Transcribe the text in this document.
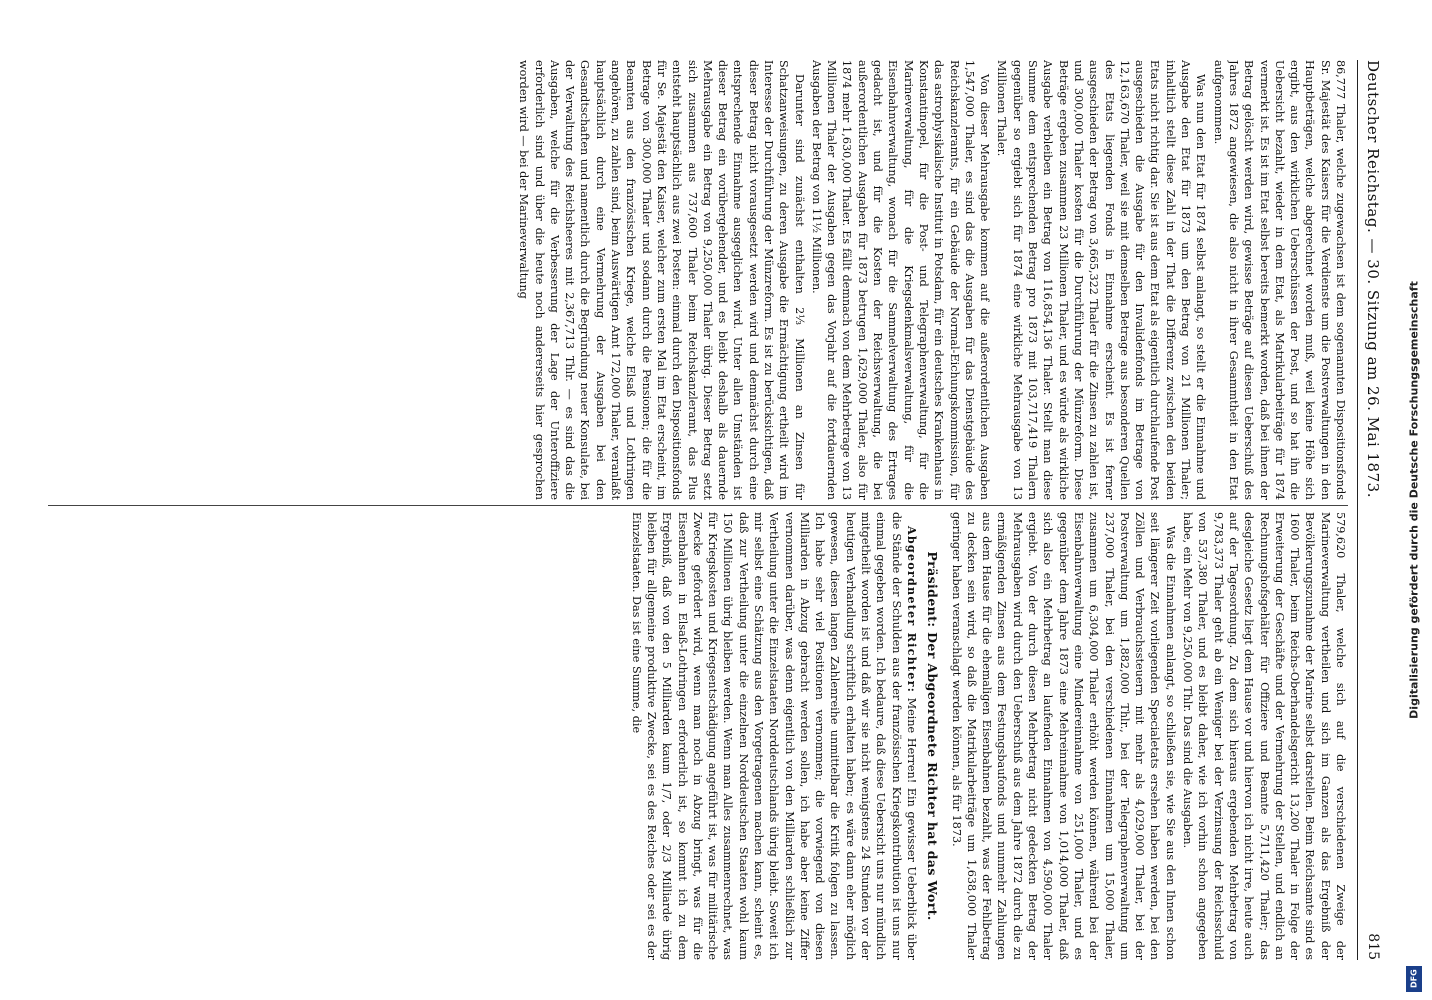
Deutscher Reichstag. — 30. Sitzung am 26. Mai 1873.
815

86,777 Thaler, welche zugewachsen ist dem sogenannten Dispositionsfonds Sr. Majestät des Kaisers für die Verdienste um die Postverwaltungen in den Hauptbeträgen, welche abgerechnet worden muß, weil keine Höhe sich ergibt, aus den wirklichen Ueberschüssen der Post, und so hat ihn die Uebersicht bezahlt, wieder in dem Etat, als Matrikularbeiträge für 1874 vermerkt ist. Es ist im Etat selbst bereits bemerkt worden, daß bei ihnen der Betrag gelöscht werden wird, gewisse Beträge auf diesen Ueberschuß des Jahres 1872 angewiesen, die also nicht in ihrer Gesammtheit in den Etat aufgenommen.

Was nun den Etat für 1874 selbst anlangt, so stellt er die Einnahme und Ausgabe den Etat für 1873 um den Betrag von 21 Millionen Thaler; inhaltlich stellt diese Zahl in der That die Differenz zwischen den beiden Etats nicht richtig dar. Sie ist aus dem Etat als eigentlich durchlaufende Post ausgeschieden die Ausgabe für den Invalidenfonds im Betrage von 12,163,670 Thaler, weil sie mit demselben Betrage aus besonderen Quellen des Etats liegenden Fonds in Einnahme erscheint. Es ist ferner ausgeschieden der Betrag von 3,665,322 Thaler für die Zinsen zu zahlen ist, und 300,000 Thaler kosten für die Durchführung der Münzreform. Diese Beträge ergeben zusammen 23 Millionen Thaler, und es würde als wirkliche Ausgabe verbleiben ein Betrag von 116,854,136 Thaler. Stellt man diese Summe dem entsprechenden Betrag pro 1873 mit 103,717,419 Thalern gegenüber so ergiebt sich für 1874 eine wirkliche Mehrausgabe von 13 Millionen Thaler.

Von dieser Mehrausgabe kommen auf die außerordentlichen Ausgaben 1,547,000 Thaler, es sind das die Ausgaben für das Dienstgebäude des Reichskanzleramts, für ein Gebäude der Normal-Eichungskommission, für das astrophysikalische Institut in Potsdam, für ein deutsches Krankenhaus in Konstantinopel, für die Post- und Telegraphenverwaltung, für die Marineverwaltung, für die Kriegsdenkmalsverwaltung, für die Eisenbahnverwaltung, wonach für die Sammelverwaltung des Ertrages gedacht ist, und für die Kosten der Reichsverwaltung, die bei außerordentlichen Ausgaben für 1873 betrugen 1,629,000 Thaler, also für 1874 mehr 1,630,000 Thaler. Es fällt demnach von dem Mehrbetrage von 13 Millionen Thaler der Ausgaben gegen das Vorjahr auf die fortdauernden Ausgaben der Betrag von 11½ Millionen.

Darunter sind zunächst enthalten 2⅓ Millionen an Zinsen für Schatzanweisungen, zu deren Ausgabe die Ermächtigung ertheilt wird im Interesse der Durchführung der Münzreform. Es ist zu berücksichtigen, daß dieser Betrag nicht vorausgesetzt werden wird und demnächst durch eine entsprechende Einnahme ausgeglichen wird. Unter allen Umständen ist dieser Betrag ein vorübergehender, und es bleibt deshalb als dauernde Mehrausgabe ein Betrag von 9,250,000 Thaler übrig. Dieser Betrag setzt sich zusammen aus 737,600 Thaler beim Reichskanzleramt, das Plus entsteht hauptsächlich aus zwei Posten: einmal durch den Dispositionsfonds für Se. Majestät den Kaiser, welcher zum ersten Mal im Etat erscheint, im Betrage von 300,000 Thaler und sodann durch die Pensionen; die für die Beamten aus den französischen Kriege, welche Elsaß und Lothringen angehören, zu zahlen sind, beim Auswärtigen Amt 172,000 Thaler, veranlaßt hauptsächlich durch eine Vermehrung der Ausgaben bei den Gesandtschaften und namentlich durch die Begründung neuer Konsulate, bei der Verwaltung des Reichsheeres mit 2,367,713 Thlr. — es sind das die Ausgaben, welche für die Verbesserung der Lage der Unteroffiziere erforderlich sind und über die heute noch andererseits hier gesprochen worden wird — bei der Marineverwaltung

579,620 Thaler, welche sich auf die verschiedenen Zweige der Marineverwaltung vertheilen und sich im Ganzen als das Ergebniß der Bevölkerungszunahme der Marine selbst darstellen. Beim Reichsamte sind es 1600 Thaler, beim Reichs-Oberhandelsgericht 13,200 Thaler in Folge der Erweiterung der Geschäfte und der Vermehrung der Stellen, und endlich an Rechnungshofsgehälter für Offiziere und Beamte 5,711,420 Thaler; das desgleiche Gesetz liegt dem Hause vor und hiervon ich nicht irre, heute auch auf der Tagesordnung. Zu dem sich hieraus ergebenden Mehrbetrag von 9,783,373 Thaler geht ab ein Weniger bei der Verzinsung der Reichsschuld von 537,380 Thaler, und es bleibt daher, wie ich vorhin schon angegeben habe, ein Mehr von 9,250,000 Thlr. Das sind die Ausgaben.

Was die Einnahmen anlangt, so schließen sie, wie Sie aus den Ihnen schon seit längerer Zeit vorliegenden Specialetats ersehen haben werden, bei den Zöllen und Verbrauchssteuern mit mehr als 4,029,000 Thaler, bei der Postverwaltung um 1,882,000 Thlr., bei der Telegraphenverwaltung um 237,000 Thaler, bei den verschiedenen Einnahmen um 15,000 Thaler, zusammen um 6,304,000 Thaler erhöht werden können, während bei der Eisenbahnverwaltung eine Mindereinnahme von 251,000 Thaler, und es gegenüber dem Jahre 1873 eine Mehreinnahme von 1,014,000 Thaler, daß sich also ein Mehrbetrag an laufenden Einnahmen von 4,590,000 Thaler ergiebt. Von der durch diesen Mehrbetrag nicht gedeckten Betrag der Mehrausgaben wird durch den Ueberschuß aus dem Jahre 1872 durch die zu ermäßigenden Zinsen aus dem Festungsbaufonds und nunmehr Zahlungen aus dem Hause für die ehemaligen Eisenbahnen bezahlt, was der Fehlbetrag zu decken sein wird, so daß die Matrikularbeiträge um 1,638,000 Thaler geringer haben veranschlagt werden können, als für 1873.

Präsident: Der Abgeordnete Richter hat das Wort.

Abgeordneter Richter: Meine Herren! Ein gewisser Ueberblick über die Stände der Schulden aus der französischen Kriegskontribution ist uns nur einmal gegeben worden. Ich bedaure, daß diese Uebersicht uns nur mündlich mitgetheilt worden ist und daß wir sie nicht wenigstens 24 Stunden vor der heutigen Verhandlung schriftlich erhalten haben; es wäre dann eher möglich gewesen, diesen langen Zahlenreihe unmittelbar die Kritik folgen zu lassen. Ich habe sehr viel Positionen vernommen; die vorwiegend von diesen Milliarden in Abzug gebracht werden sollen, ich habe aber keine Ziffer vernommen darüber, was denn eigentlich von den Milliarden schließlich zur Vertheilung unter die Einzelstaaten Norddeutschlands übrig bleibt. Soweit ich mir selbst eine Schätzung aus den Vorgetragenen machen kann, scheint es, daß zur Vertheilung unter die einzelnen Norddeutschen Staaten wohl kaum 150 Millionen übrig bleiben werden. Wenn man Alles zusammenrechnet, was für Kriegskosten und Kriegsentschädigung angeführt ist, was für militärische Zwecke gefordert wird, wenn man noch in Abzug bringt, was für die Eisenbahnen in Elsaß-Lothringen erforderlich ist, so kommt ich zu dem Ergebniß, daß von den 5 Milliarden kaum 1/7, oder 2/3 Milliarde übrig bleiben für allgemeine produktive Zwecke, sei es des Reiches oder sei es der Einzelstaaten. Das ist eine Summe, die	Digitalisierung gefördert durch die Deutsche Forschungsgemeinschaft
DFG
